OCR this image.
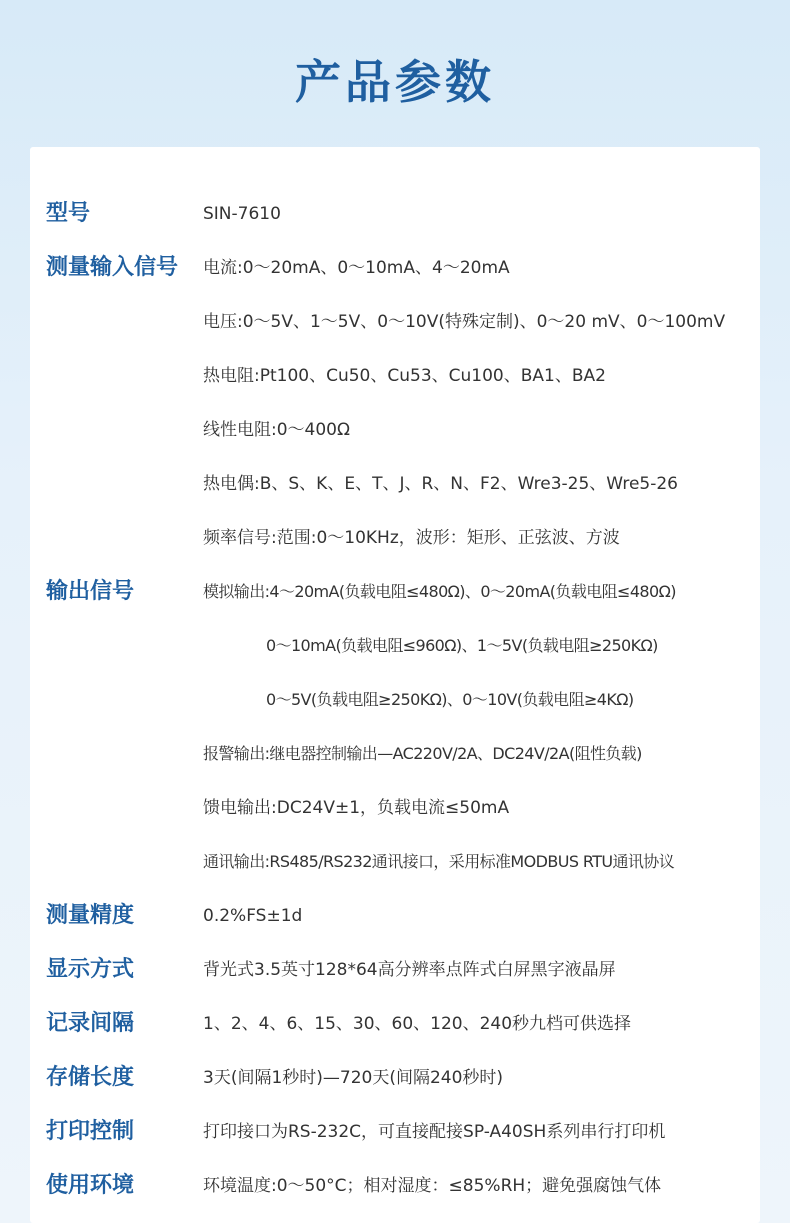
产品参数
型号	SIN-7610
测量输入信号 电流:0～20mA、0～10mA、4～20mA
电压:0～5V、1～5V、0～10V(特殊定制)、0～20 mV、0～100mV
热电阻:Pt100、Cu50、Cu53、Cu100、BA1、BA2
线性电阻:0～400Ω
热电偶:B、S、K、E、T、J、R、N、F2、Wre3-25、Wre5-26
频率信号:范围:0～10KHz，波形：矩形、正弦波、方波
输出信号	模拟输出:4～20mA(负载电阻≤480Ω)、0～20mA(负载电阻≤480Ω)
0～10mA(负载电阻≤960Ω)、1～5V(负载电阻≥250KΩ)
0～5V(负载电阻≥250KΩ)、0～10V(负载电阻≥4KΩ)
报警输出:继电器控制输出—AC220V/2A、DC24V/2A(阻性负载)
馈电输出:DC24V±1，负载电流≤50mA
通讯输出:RS485/RS232通讯接口，采用标准MODBUS RTU通讯协议
测量精度	0.2%FS±1d
显示方式	背光式3.5英寸128*64高分辨率点阵式白屏黑字液晶屏
记录间隔	1、2、4、6、15、30、60、120、240秒九档可供选择
存储长度	3天(间隔1秒时)—720天(间隔240秒时)
打印控制	打印接口为RS-232C，可直接配接SP-A40SH系列串行打印机
使用环境	环境温度:0～50°C；相对湿度：≤85%RH；避免强腐蚀气体
